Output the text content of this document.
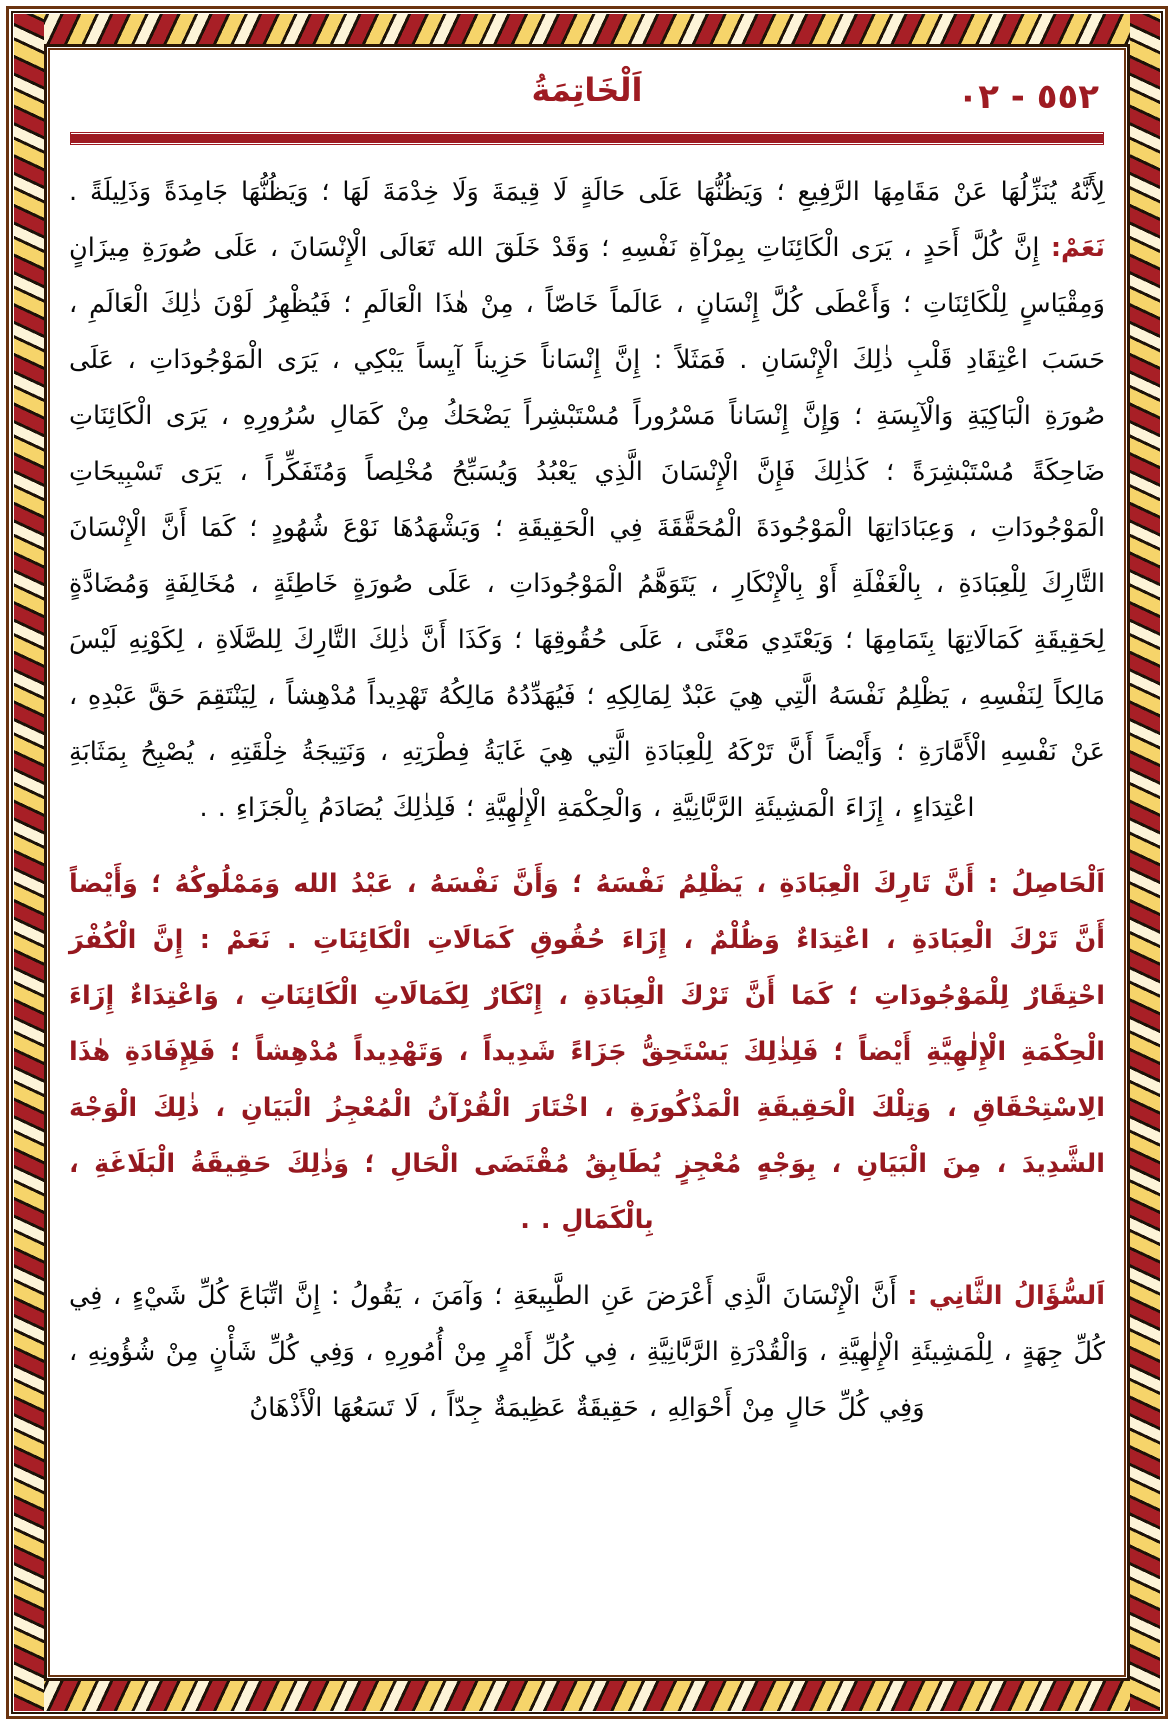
٢٥٥ - ٢٠
اَلْخَاتِمَةُ

لِأَنَّهُ يُنَزِّلُهَا عَنْ مَقَامِهَا الرَّفِيعِ ؛ وَيَظُنُّهَا عَلَى حَالَةٍ لَا قِيمَةَ وَلَا خِدْمَةَ لَهَا ؛ وَيَظُنُّهَا جَامِدَةً وَذَلِيلَةً . نَعَمْ: إِنَّ كُلَّ أَحَدٍ ، يَرَى الْكَائِنَاتِ بِمِرْآةِ نَفْسِهِ ؛ وَقَدْ خَلَقَ الله تَعَالَى الْإِنْسَانَ ، عَلَى صُورَةِ مِيزَانٍ وَمِقْيَاسٍ لِلْكَائِنَاتِ ؛ وَأَعْطَى كُلَّ إِنْسَانٍ ، عَالَماً خَاصّاً ، مِنْ هٰذَا الْعَالَمِ ؛ فَيُظْهِرُ لَوْنَ ذٰلِكَ الْعَالَمِ ، حَسَبَ اعْتِقَادِ قَلْبِ ذٰلِكَ الْإِنْسَانِ . فَمَثَلاً : إِنَّ إِنْسَاناً حَزِيناً آيِساً يَبْكِي ، يَرَى الْمَوْجُودَاتِ ، عَلَى صُورَةِ الْبَاكِيَةِ وَالْآيِسَةِ ؛ وَإِنَّ إِنْسَاناً مَسْرُوراً مُسْتَبْشِراً يَضْحَكُ مِنْ كَمَالِ سُرُورِهِ ، يَرَى الْكَائِنَاتِ ضَاحِكَةً مُسْتَبْشِرَةً ؛ كَذٰلِكَ فَإِنَّ الْإِنْسَانَ الَّذِي يَعْبُدُ وَيُسَبِّحُ مُخْلِصاً وَمُتَفَكِّراً ، يَرَى تَسْبِيحَاتِ الْمَوْجُودَاتِ ، وَعِبَادَاتِهَا الْمَوْجُودَةَ الْمُحَقَّقَةَ فِي الْحَقِيقَةِ ؛ وَيَشْهَدُهَا نَوْعَ شُهُودٍ ؛ كَمَا أَنَّ الْإِنْسَانَ التَّارِكَ لِلْعِبَادَةِ ، بِالْغَفْلَةِ أَوْ بِالْإِنْكَارِ ، يَتَوَهَّمُ الْمَوْجُودَاتِ ، عَلَى صُورَةٍ خَاطِئَةٍ ، مُخَالِفَةٍ وَمُضَادَّةٍ لِحَقِيقَةِ كَمَالَاتِهَا بِتَمَامِهَا ؛ وَيَعْتَدِي مَعْنًى ، عَلَى حُقُوقِهَا ؛ وَكَذَا أَنَّ ذٰلِكَ التَّارِكَ لِلصَّلَاةِ ، لِكَوْنِهِ لَيْسَ مَالِكاً لِنَفْسِهِ ، يَظْلِمُ نَفْسَهُ الَّتِي هِيَ عَبْدٌ لِمَالِكِهِ ؛ فَيُهَدِّدُهُ مَالِكُهُ تَهْدِيداً مُدْهِشاً ، لِيَنْتَقِمَ حَقَّ عَبْدِهِ ، عَنْ نَفْسِهِ الْأَمَّارَةِ ؛ وَأَيْضاً أَنَّ تَرْكَهُ لِلْعِبَادَةِ الَّتِي هِيَ غَايَةُ فِطْرَتِهِ ، وَنَتِيجَةُ خِلْقَتِهِ ، يُصْبِحُ بِمَثَابَةِ اعْتِدَاءٍ ، إِزَاءَ الْمَشِيئَةِ الرَّبَّانِيَّةِ ، وَالْحِكْمَةِ الْإِلٰهِيَّةِ ؛ فَلِذٰلِكَ يُصَادَمُ بِالْجَزَاءِ . .

اَلْحَاصِلُ : أَنَّ تَارِكَ الْعِبَادَةِ ، يَظْلِمُ نَفْسَهُ ؛ وَأَنَّ نَفْسَهُ ، عَبْدُ الله وَمَمْلُوكُهُ ؛ وَأَيْضاً أَنَّ تَرْكَ الْعِبَادَةِ ، اعْتِدَاءٌ وَظُلْمٌ ، إِزَاءَ حُقُوقِ كَمَالَاتِ الْكَائِنَاتِ . نَعَمْ : إِنَّ الْكُفْرَ احْتِقَارٌ لِلْمَوْجُودَاتِ ؛ كَمَا أَنَّ تَرْكَ الْعِبَادَةِ ، إِنْكَارٌ لِكَمَالَاتِ الْكَائِنَاتِ ، وَاعْتِدَاءٌ إِزَاءَ الْحِكْمَةِ الْإِلٰهِيَّةِ أَيْضاً ؛ فَلِذٰلِكَ يَسْتَحِقُّ جَزَاءً شَدِيداً ، وَتَهْدِيداً مُدْهِشاً ؛ فَلِإِفَادَةِ هٰذَا الِاسْتِحْقَاقِ ، وَتِلْكَ الْحَقِيقَةِ الْمَذْكُورَةِ ، اخْتَارَ الْقُرْآنُ الْمُعْجِزُ الْبَيَانِ ، ذٰلِكَ الْوَجْهَ الشَّدِيدَ ، مِنَ الْبَيَانِ ، بِوَجْهٍ مُعْجِزٍ يُطَابِقُ مُقْتَضَى الْحَالِ ؛ وَذٰلِكَ حَقِيقَةُ الْبَلَاغَةِ ، بِالْكَمَالِ . .

اَلسُّؤَالُ الثَّانِي : أَنَّ الْإِنْسَانَ الَّذِي أَعْرَضَ عَنِ الطَّبِيعَةِ ؛ وَآمَنَ ، يَقُولُ : إِنَّ اتِّبَاعَ كُلِّ شَيْءٍ ، فِي كُلِّ جِهَةٍ ، لِلْمَشِيئَةِ الْإِلٰهِيَّةِ ، وَالْقُدْرَةِ الرَّبَّانِيَّةِ ، فِي كُلِّ أَمْرٍ مِنْ أُمُورِهِ ، وَفِي كُلِّ شَأْنٍ مِنْ شُؤُونِهِ ، وَفِي كُلِّ حَالٍ مِنْ أَحْوَالِهِ ، حَقِيقَةٌ عَظِيمَةٌ جِدّاً ، لَا تَسَعُهَا الْأَذْهَانُ
